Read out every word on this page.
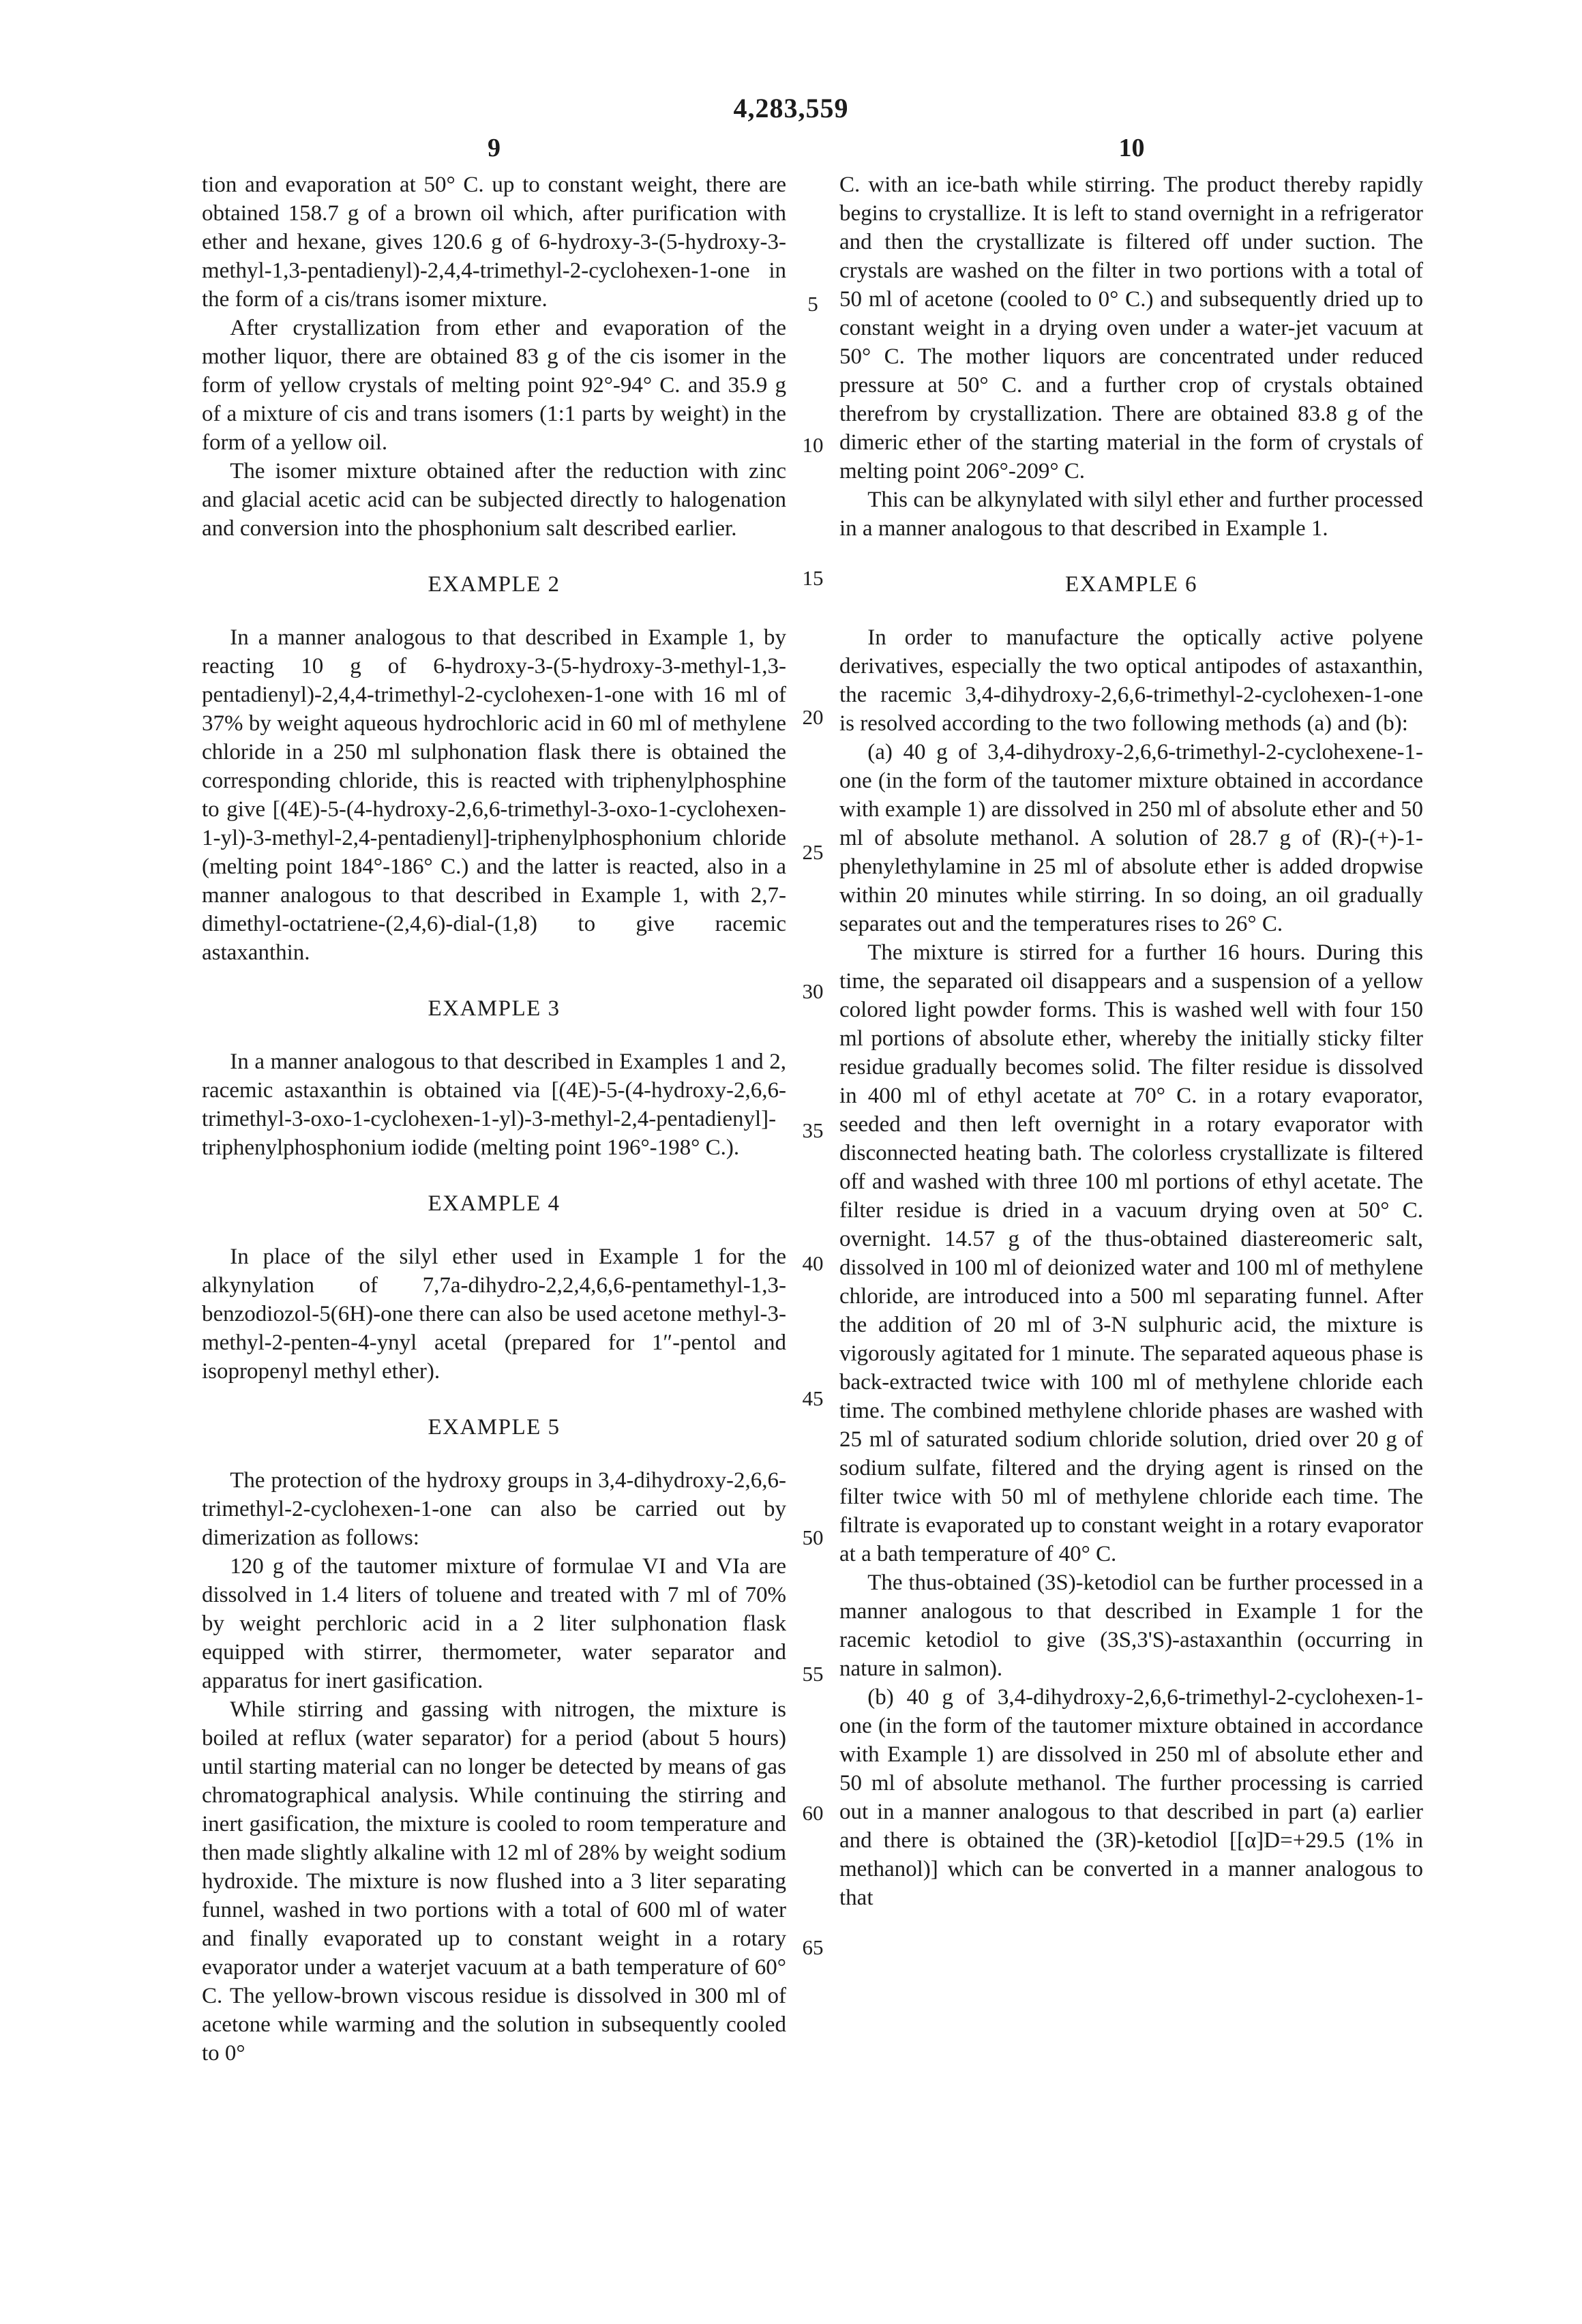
4,283,559
9	10
5
10
15
20
25
30
35
40
45
50
55
60
65

tion and evaporation at 50° C. up to constant weight, there are obtained 158.7 g of a brown oil which, after purification with ether and hexane, gives 120.6 g of 6-hydroxy-3-(5-hydroxy-3-methyl-1,3-pentadienyl)-2,4,4-trimethyl-2-cyclohexen-1-one in the form of a cis/trans isomer mixture.

After crystallization from ether and evaporation of the mother liquor, there are obtained 83 g of the cis isomer in the form of yellow crystals of melting point 92°-94° C. and 35.9 g of a mixture of cis and trans isomers (1:1 parts by weight) in the form of a yellow oil.

The isomer mixture obtained after the reduction with zinc and glacial acetic acid can be subjected directly to halogenation and conversion into the phosphonium salt described earlier.

EXAMPLE 2

In a manner analogous to that described in Example 1, by reacting 10 g of 6-hydroxy-3-(5-hydroxy-3-methyl-1,3-pentadienyl)-2,4,4-trimethyl-2-cyclohexen-1-one with 16 ml of 37% by weight aqueous hydrochloric acid in 60 ml of methylene chloride in a 250 ml sulphonation flask there is obtained the corresponding chloride, this is reacted with triphenylphosphine to give [(4E)-5-(4-hydroxy-2,6,6-trimethyl-3-oxo-1-cyclohexen-1-yl)-3-methyl-2,4-pentadienyl]-triphenylphosphonium chloride (melting point 184°-186° C.) and the latter is reacted, also in a manner analogous to that described in Example 1, with 2,7-dimethyl-octatriene-(2,4,6)-dial-(1,8) to give racemic astaxanthin.

EXAMPLE 3

In a manner analogous to that described in Examples 1 and 2, racemic astaxanthin is obtained via [(4E)-5-(4-hydroxy-2,6,6-trimethyl-3-oxo-1-cyclohexen-1-yl)-3-methyl-2,4-pentadienyl]-triphenylphosphonium iodide (melting point 196°-198° C.).

EXAMPLE 4

In place of the silyl ether used in Example 1 for the alkynylation of 7,7a-dihydro-2,2,4,6,6-pentamethyl-1,3-benzodiozol-5(6H)-one there can also be used acetone methyl-3-methyl-2-penten-4-ynyl acetal (prepared for 1″-pentol and isopropenyl methyl ether).

EXAMPLE 5

The protection of the hydroxy groups in 3,4-dihydroxy-2,6,6-trimethyl-2-cyclohexen-1-one can also be carried out by dimerization as follows:

120 g of the tautomer mixture of formulae VI and VIa are dissolved in 1.4 liters of toluene and treated with 7 ml of 70% by weight perchloric acid in a 2 liter sulphonation flask equipped with stirrer, thermometer, water separator and apparatus for inert gasification.

While stirring and gassing with nitrogen, the mixture is boiled at reflux (water separator) for a period (about 5 hours) until starting material can no longer be detected by means of gas chromatographical analysis. While continuing the stirring and inert gasification, the mixture is cooled to room temperature and then made slightly alkaline with 12 ml of 28% by weight sodium hydroxide. The mixture is now flushed into a 3 liter separating funnel, washed in two portions with a total of 600 ml of water and finally evaporated up to constant weight in a rotary evaporator under a waterjet vacuum at a bath temperature of 60° C. The yellow-brown viscous residue is dissolved in 300 ml of acetone while warming and the solution in subsequently cooled to 0°

C. with an ice-bath while stirring. The product thereby rapidly begins to crystallize. It is left to stand overnight in a refrigerator and then the crystallizate is filtered off under suction. The crystals are washed on the filter in two portions with a total of 50 ml of acetone (cooled to 0° C.) and subsequently dried up to constant weight in a drying oven under a water-jet vacuum at 50° C. The mother liquors are concentrated under reduced pressure at 50° C. and a further crop of crystals obtained therefrom by crystallization. There are obtained 83.8 g of the dimeric ether of the starting material in the form of crystals of melting point 206°-209° C.

This can be alkynylated with silyl ether and further processed in a manner analogous to that described in Example 1.

EXAMPLE 6

In order to manufacture the optically active polyene derivatives, especially the two optical antipodes of astaxanthin, the racemic 3,4-dihydroxy-2,6,6-trimethyl-2-cyclohexen-1-one is resolved according to the two following methods (a) and (b):

(a) 40 g of 3,4-dihydroxy-2,6,6-trimethyl-2-cyclohexene-1-one (in the form of the tautomer mixture obtained in accordance with example 1) are dissolved in 250 ml of absolute ether and 50 ml of absolute methanol. A solution of 28.7 g of (R)-(+)-1-phenylethylamine in 25 ml of absolute ether is added dropwise within 20 minutes while stirring. In so doing, an oil gradually separates out and the temperatures rises to 26° C.

The mixture is stirred for a further 16 hours. During this time, the separated oil disappears and a suspension of a yellow colored light powder forms. This is washed well with four 150 ml portions of absolute ether, whereby the initially sticky filter residue gradually becomes solid. The filter residue is dissolved in 400 ml of ethyl acetate at 70° C. in a rotary evaporator, seeded and then left overnight in a rotary evaporator with disconnected heating bath. The colorless crystallizate is filtered off and washed with three 100 ml portions of ethyl acetate. The filter residue is dried in a vacuum drying oven at 50° C. overnight. 14.57 g of the thus-obtained diastereomeric salt, dissolved in 100 ml of deionized water and 100 ml of methylene chloride, are introduced into a 500 ml separating funnel. After the addition of 20 ml of 3-N sulphuric acid, the mixture is vigorously agitated for 1 minute. The separated aqueous phase is back-extracted twice with 100 ml of methylene chloride each time. The combined methylene chloride phases are washed with 25 ml of saturated sodium chloride solution, dried over 20 g of sodium sulfate, filtered and the drying agent is rinsed on the filter twice with 50 ml of methylene chloride each time. The filtrate is evaporated up to constant weight in a rotary evaporator at a bath temperature of 40° C.

The thus-obtained (3S)-ketodiol can be further processed in a manner analogous to that described in Example 1 for the racemic ketodiol to give (3S,3'S)-astaxanthin (occurring in nature in salmon).

(b) 40 g of 3,4-dihydroxy-2,6,6-trimethyl-2-cyclohexen-1-one (in the form of the tautomer mixture obtained in accordance with Example 1) are dissolved in 250 ml of absolute ether and 50 ml of absolute methanol. The further processing is carried out in a manner analogous to that described in part (a) earlier and there is obtained the (3R)-ketodiol [[α]D=+29.5 (1% in methanol)] which can be converted in a manner analogous to that
